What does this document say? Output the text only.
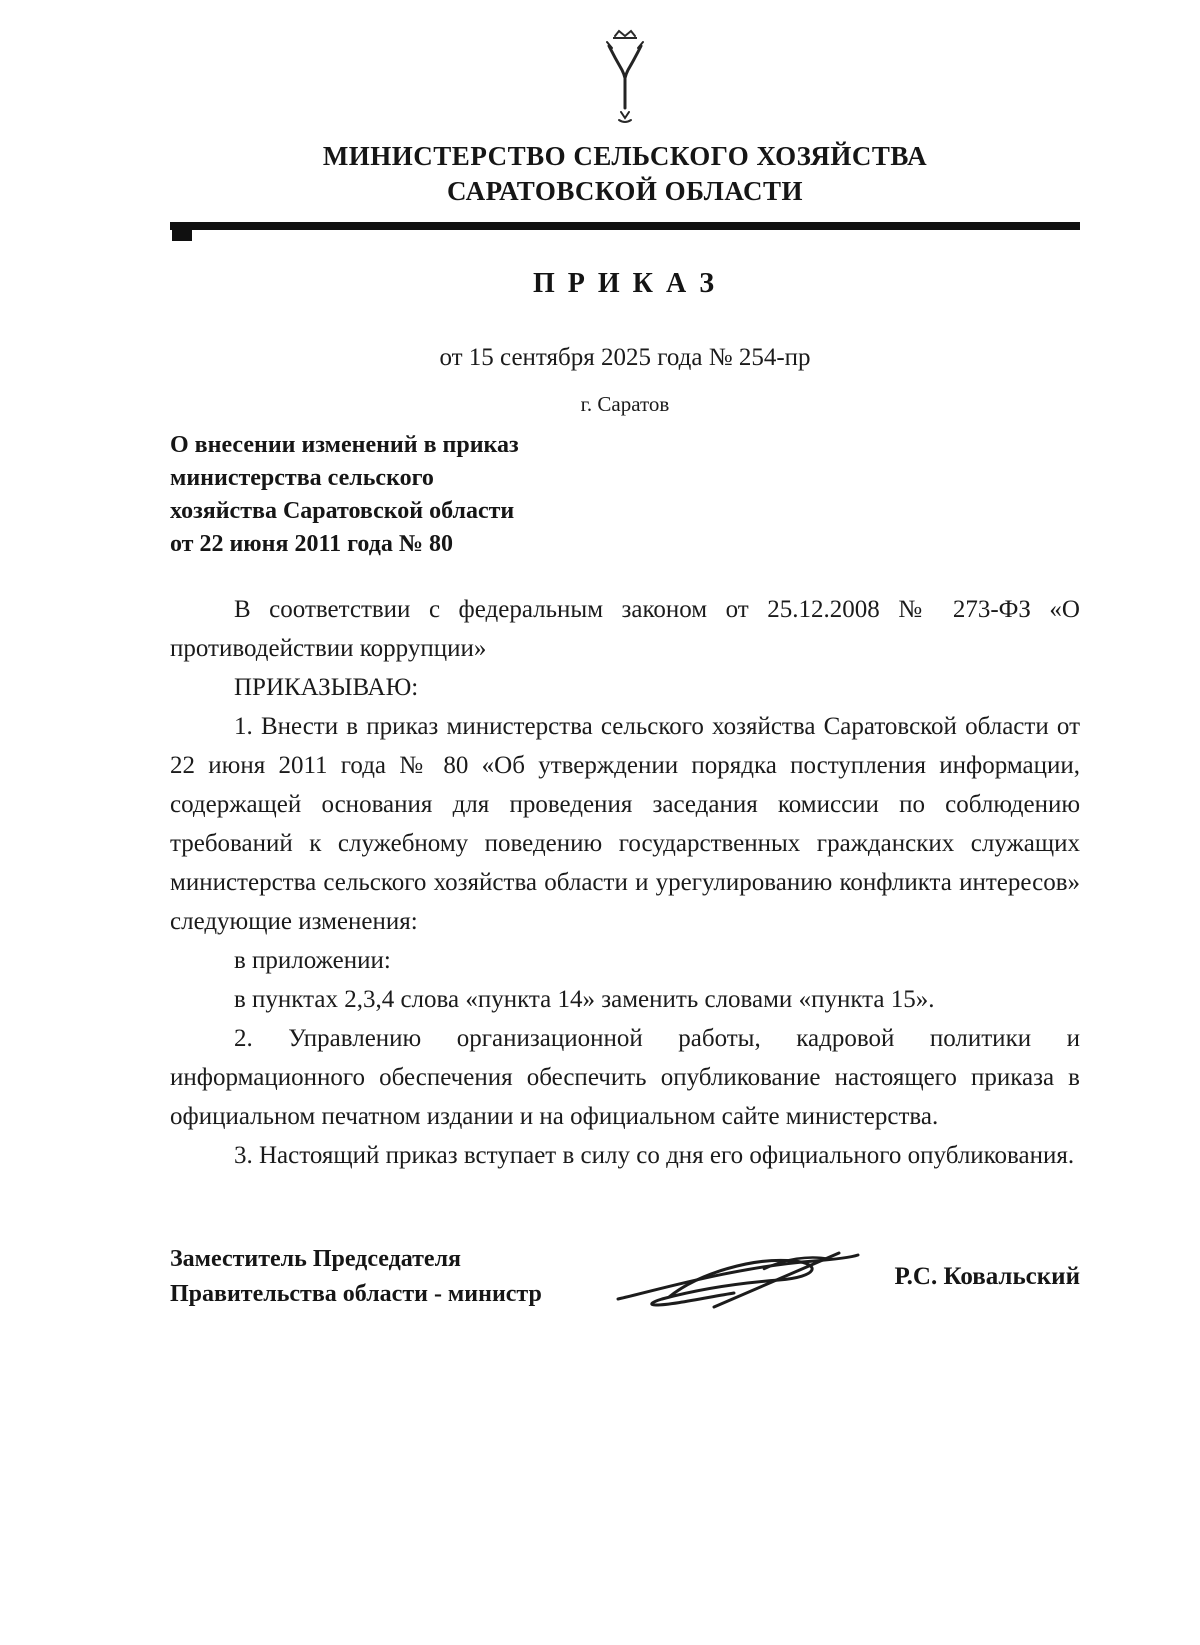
МИНИСТЕРСТВО СЕЛЬСКОГО ХОЗЯЙСТВА
САРАТОВСКОЙ ОБЛАСТИ
П Р И К А З
от 15 сентября 2025 года № 254-пр
г. Саратов
О внесении изменений в приказ
министерства сельского
хозяйства Саратовской области
от 22 июня 2011 года № 80

В соответствии с федеральным законом от 25.12.2008 № 273-ФЗ «О противодействии коррупции»

ПРИКАЗЫВАЮ:

1. Внести в приказ министерства сельского хозяйства Саратовской области от 22 июня 2011 года № 80 «Об утверждении порядка поступления информации, содержащей основания для проведения заседания комиссии по соблюдению требований к служебному поведению государственных гражданских служащих министерства сельского хозяйства области и урегулированию конфликта интересов» следующие изменения:

в приложении:

в пунктах 2,3,4 слова «пункта 14» заменить словами «пункта 15».

2. Управлению организационной работы, кадровой политики и информационного обеспечения обеспечить опубликование настоящего приказа в официальном печатном издании и на официальном сайте министерства.

3. Настоящий приказ вступает в силу со дня его официального опубликования.

Заместитель Председателя
Правительства области - министр
Р.С. Ковальский
